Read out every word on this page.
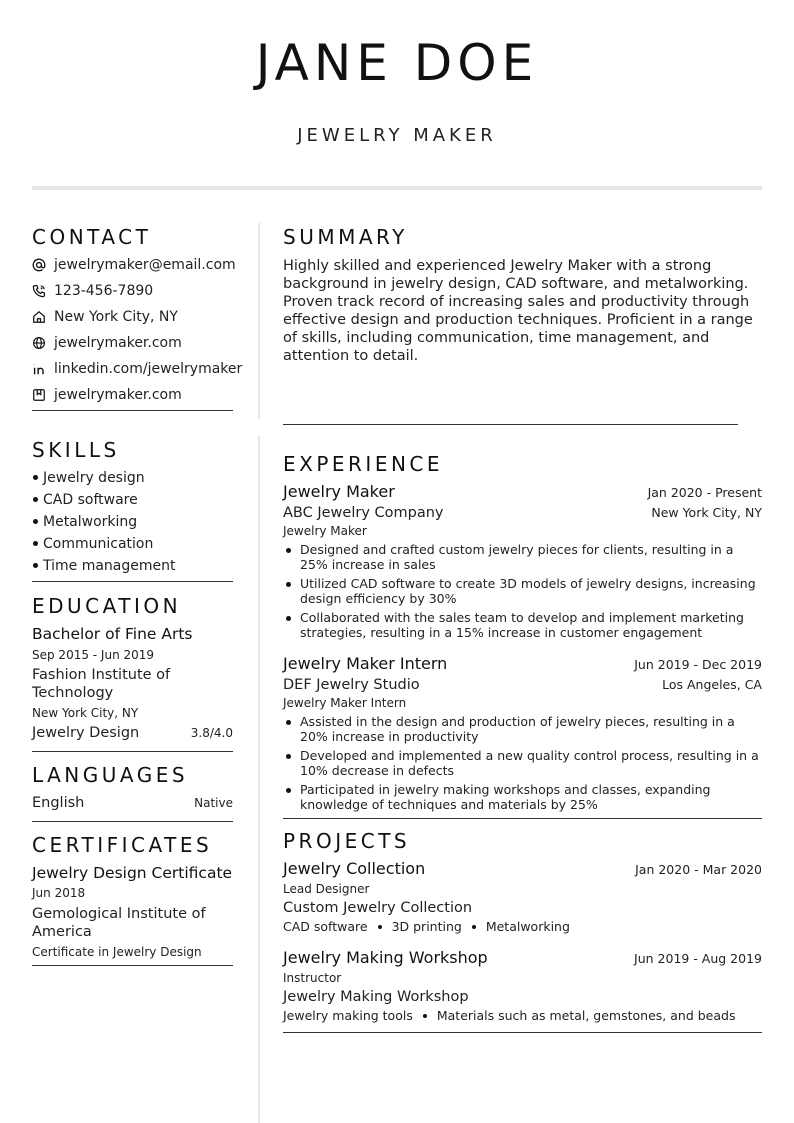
JANE DOE
JEWELRY MAKER
CONTACT
jewelrymaker@email.com
123-456-7890
New York City, NY
jewelrymaker.com
linkedin.com/jewelrymaker
jewelrymaker.com
SKILLS
Jewelry design
CAD software
Metalworking
Communication
Time management
EDUCATION
Bachelor of Fine Arts
Sep 2015 - Jun 2019
Fashion Institute of Technology
New York City, NY
Jewelry Design	3.8/4.0
LANGUAGES
English	Native
CERTIFICATES
Jewelry Design Certificate
Jun 2018
Gemological Institute of America
Certificate in Jewelry Design
SUMMARY

Highly skilled and experienced Jewelry Maker with a strong background in jewelry design, CAD software, and metalworking. Proven track record of increasing sales and productivity through effective design and production techniques. Proficient in a range of skills, including communication, time management, and attention to detail.

EXPERIENCE
Jewelry Maker	Jan 2020 - Present
ABC Jewelry Company	New York City, NY
Jewelry Maker
Designed and crafted custom jewelry pieces for clients, resulting in a 25% increase in sales
Utilized CAD software to create 3D models of jewelry designs, increasing design efficiency by 30%
Collaborated with the sales team to develop and implement marketing strategies, resulting in a 15% increase in customer engagement
Jewelry Maker Intern	Jun 2019 - Dec 2019
DEF Jewelry Studio	Los Angeles, CA
Jewelry Maker Intern
Assisted in the design and production of jewelry pieces, resulting in a 20% increase in productivity
Developed and implemented a new quality control process, resulting in a 10% decrease in defects
Participated in jewelry making workshops and classes, expanding knowledge of techniques and materials by 25%
PROJECTS
Jewelry Collection	Jan 2020 - Mar 2020
Lead Designer
Custom Jewelry Collection
CAD software 3D printing Metalworking
Jewelry Making Workshop	Jun 2019 - Aug 2019
Instructor
Jewelry Making Workshop
Jewelry making tools Materials such as metal, gemstones, and beads
